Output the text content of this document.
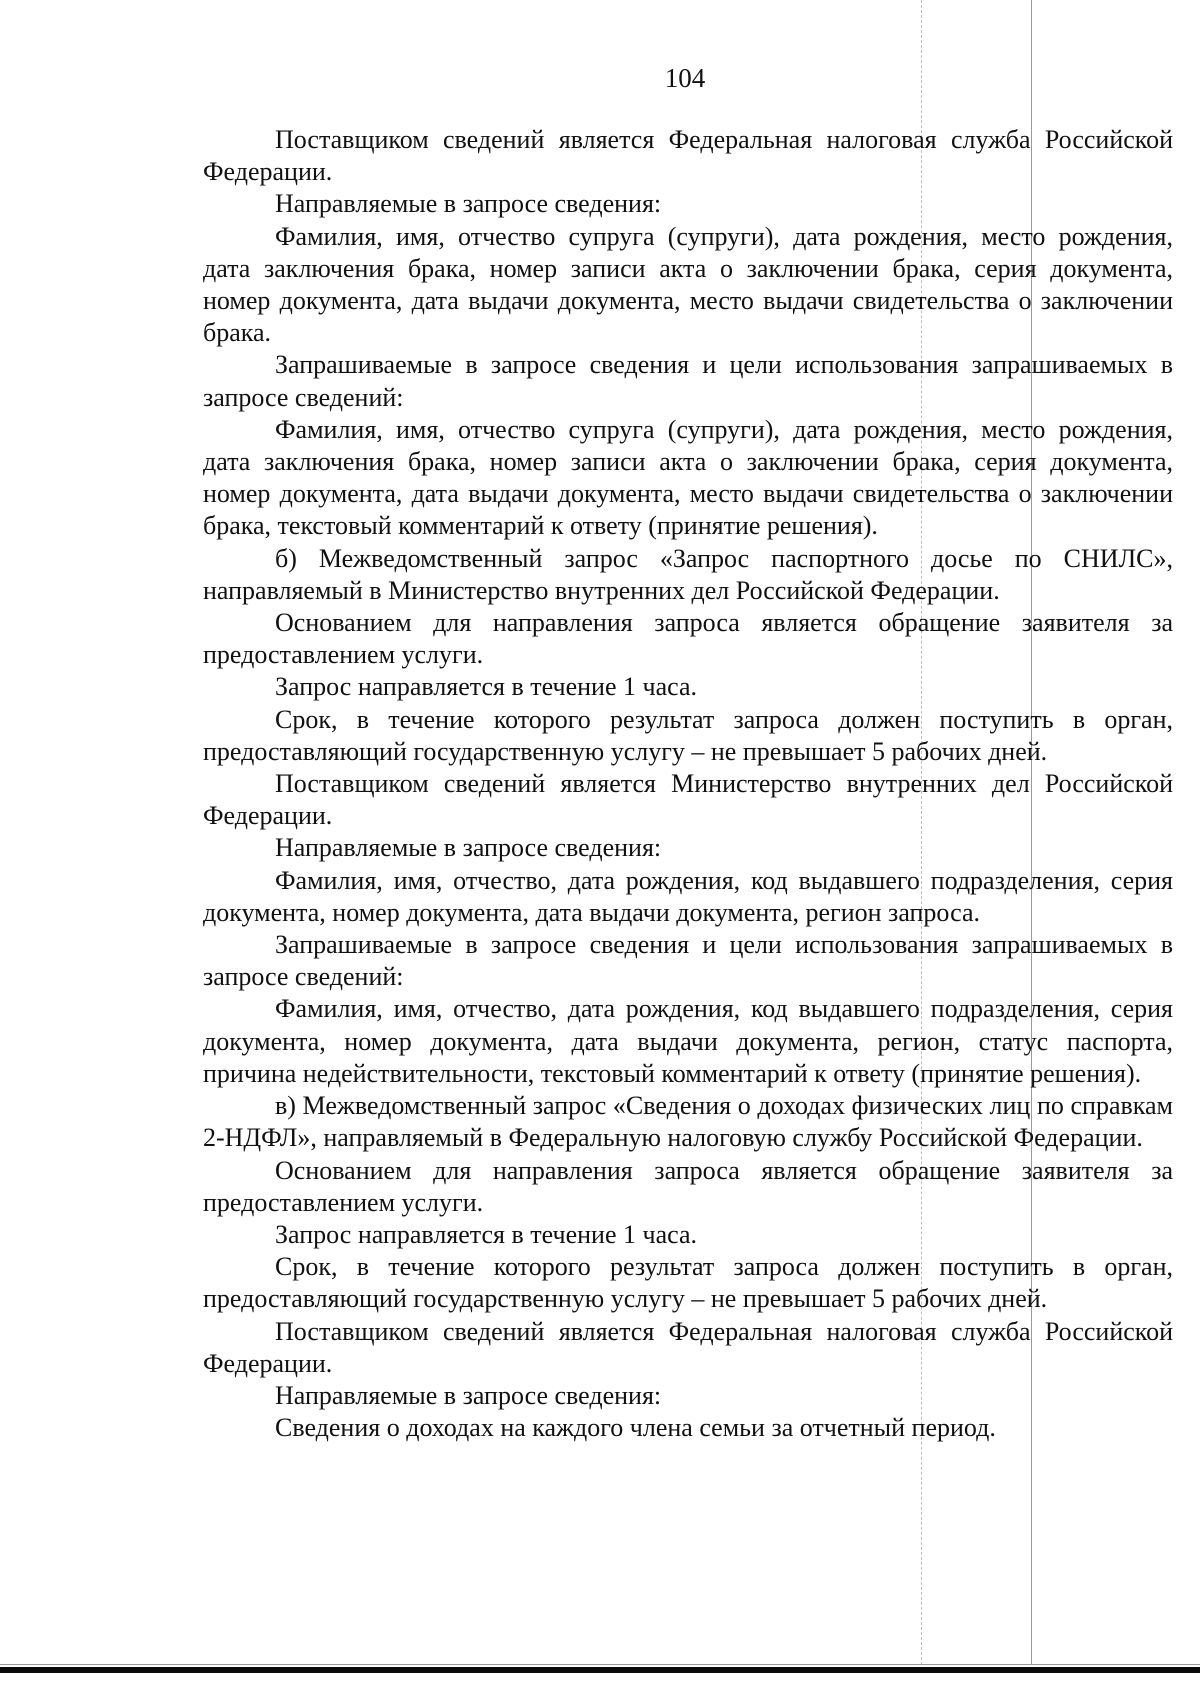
104

Поставщиком сведений является Федеральная налоговая служба Российской Федерации.

Направляемые в запросе сведения:

Фамилия, имя, отчество супруга (супруги), дата рождения, место рождения, дата заключения брака, номер записи акта о заключении брака, серия документа, номер документа, дата выдачи документа, место выдачи свидетельства о заключении брака.

Запрашиваемые в запросе сведения и цели использования запрашиваемых в запросе сведений:

Фамилия, имя, отчество супруга (супруги), дата рождения, место рождения, дата заключения брака, номер записи акта о заключении брака, серия документа, номер документа, дата выдачи документа, место выдачи свидетельства о заключении брака, текстовый комментарий к ответу (принятие решения).

б) Межведомственный запрос «Запрос паспортного досье по СНИЛС», направляемый в Министерство внутренних дел Российской Федерации.

Основанием для направления запроса является обращение заявителя за предоставлением услуги.

Запрос направляется в течение 1 часа.

Срок, в течение которого результат запроса должен поступить в орган, предоставляющий государственную услугу – не превышает 5 рабочих дней.

Поставщиком сведений является Министерство внутренних дел Российской Федерации.

Направляемые в запросе сведения:

Фамилия, имя, отчество, дата рождения, код выдавшего подразделения, серия документа, номер документа, дата выдачи документа, регион запроса.

Запрашиваемые в запросе сведения и цели использования запрашиваемых в запросе сведений:

Фамилия, имя, отчество, дата рождения, код выдавшего подразделения, серия документа, номер документа, дата выдачи документа, регион, статус паспорта, причина недействительности, текстовый комментарий к ответу (принятие решения).

в) Межведомственный запрос «Сведения о доходах физических лиц по справкам 2-НДФЛ», направляемый в Федеральную налоговую службу Российской Федерации.

Основанием для направления запроса является обращение заявителя за предоставлением услуги.

Запрос направляется в течение 1 часа.

Срок, в течение которого результат запроса должен поступить в орган, предоставляющий государственную услугу – не превышает 5 рабочих дней.

Поставщиком сведений является Федеральная налоговая служба Российской Федерации.

Направляемые в запросе сведения:

Сведения о доходах на каждого члена семьи за отчетный период.
